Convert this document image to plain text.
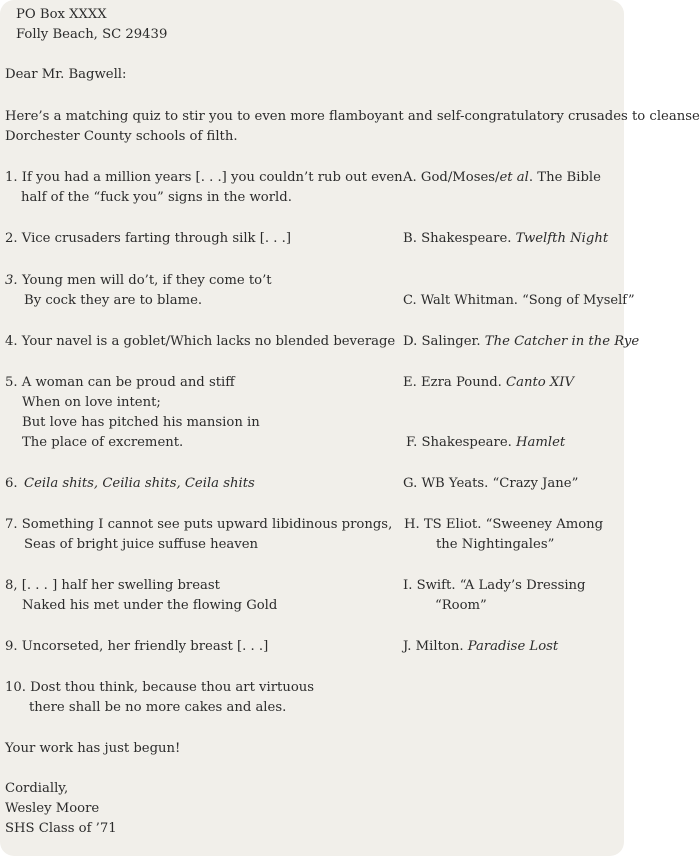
PO Box XXXX
Folly Beach, SC 29439
Dear Mr. Bagwell:
Here’s a matching quiz to stir you to even more flamboyant and self-congratulatory crusades to cleanse
Dorchester County schools of filth.
1. If you had a million years [. . .] you couldn’t rub out even
half of the “fuck you” signs in the world.
2. Vice crusaders farting through silk [. . .]
3. Young men will do’t, if they come to’t
By cock they are to blame.
4. Your navel is a goblet/Which lacks no blended beverage
5. A woman can be proud and stiff
When on love intent;
But love has pitched his mansion in
The place of excrement.
6. Ceila shits, Ceilia shits, Ceila shits
7. Something I cannot see puts upward libidinous prongs,
Seas of bright juice suffuse heaven
8, [. . . ] half her swelling breast
Naked his met under the flowing Gold
9. Uncorseted, her friendly breast [. . .]
10. Dost thou think, because thou art virtuous
there shall be no more cakes and ales.
A. God/Moses/et al. The Bible
B. Shakespeare. Twelfth Night
C. Walt Whitman. “Song of Myself”
D. Salinger. The Catcher in the Rye
E. Ezra Pound. Canto XIV
F. Shakespeare. Hamlet
G. WB Yeats. “Crazy Jane”
H. TS Eliot. “Sweeney Among
the Nightingales”
I. Swift. “A Lady’s Dressing
“Room”
J. Milton. Paradise Lost
Your work has just begun!
Cordially,
Wesley Moore
SHS Class of ’71
